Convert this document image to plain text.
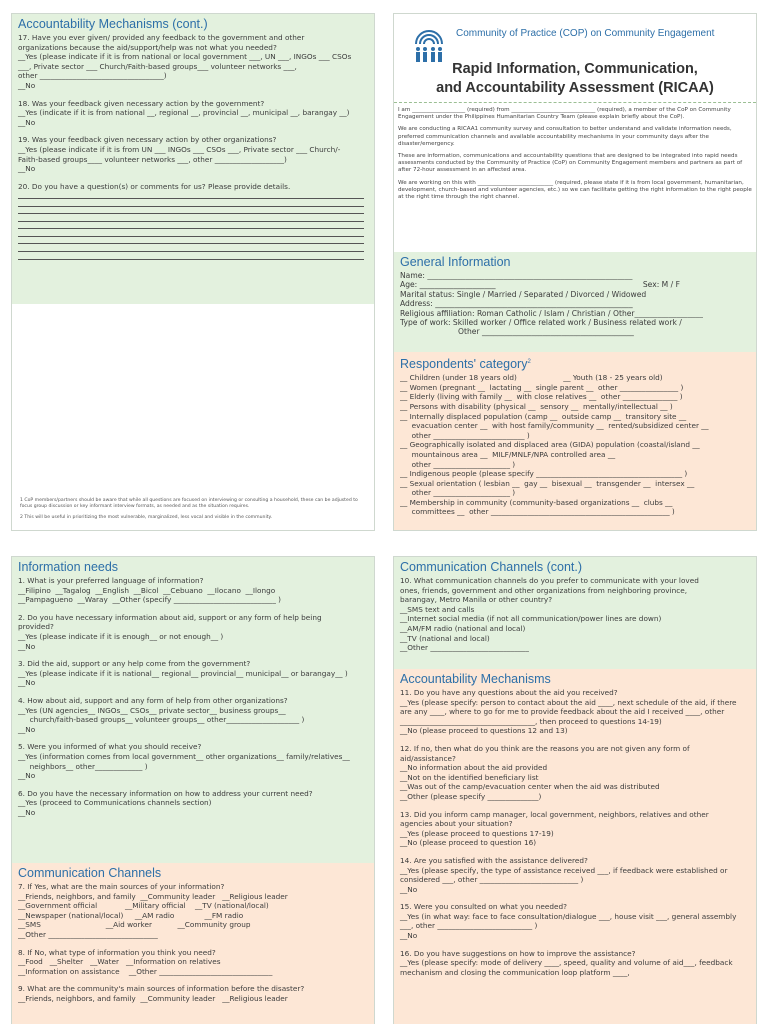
Accountability Mechanisms (cont.)
17. Have you ever given/ provided any feedback to the government and other
organizations because the aid/support/help was not what you needed?
__Yes (please indicate if it is from national or local government ___, UN ___, INGOs ___ CSOs
___, Private sector ___ Church/Faith-based groups___ volunteer networks ___,
other __________________________________)
__No
18. Was your feedback given necessary action by the government?
__Yes (indicate if it is from national __, regional __, provincial __, municipal __, barangay __)
__No
19. Was your feedback given necessary action by other organizations?
__Yes (please indicate if it is from UN ___ INGOs ___ CSOs ___, Private sector ___ Church/-
Faith-based groups____ volunteer networks ___, other ___________________)
__No
20. Do you have a question(s) or comments for us? Please provide details.
1 CoP members/partners should be aware that while all questions are focused on interviewing or consulting a household, these can be adjusted to focus group discussion or key informant interview formats, as needed and as the situation requires.
2 This will be useful in prioritizing the most vulnerable, marginalized, less vocal and visible in the community.
Community of Practice (COP) on Community Engagement
Rapid Information, Communication,
and Accountability Assessment (RICAA)

I am ___________________ (required) from ______________________________ (required), a member of the CoP on Community Engagement under the Philippines Humanitarian Country Team (please explain briefly about the CoP).

We are conducting a RICAA1 community survey and consultation to better understand and validate information needs, preferred communication channels and available accountability mechanisms in your community days after the disaster/emergency.

These are information, communications and accountability questions that are designed to be integrated into rapid needs assessments conducted by the Community of Practice (CoP) on Community Engagement members and partners as part of after 72-hour assessment in an affected area.

We are working on this with ___________________________ (required, please state if it is from local government, humanitarian, development, church-based and volunteer agencies, etc.) so we can facilitate getting the right information to the right people at the right time through the right channel.

General Information
Name: ______________________________________________________
Age: ____________________	Sex: M / F
Marital status: Single / Married / Separated / Divorced / Widowed
Address: ____________________________________________________
Religious affiliation: Roman Catholic / Islam / Christian / Other__________________
Type of work: Skilled worker / Office related work / Business related work /
Other ________________________________________
Respondents' category$^2$
__ Children (under 18 years old)                    __ Youth (18 - 25 years old)
__ Women (pregnant __  lactating __  single parent __  other ________________ )
__ Elderly (living with family __  with close relatives __  other _______________ )
__ Persons with disability (physical __  sensory __  mentally/intellectual __ )
__ Internally displaced population (camp __  outside camp __  transitory site __
evacuation center __  with host family/community __  rented/subsidized center __
other _________________________ )
__ Geographically isolated and displaced area (GIDA) population (coastal/island __
mountainous area __  MILF/MNLF/NPA controlled area __
other _____________________ )
__ Indigenous people (please specify ________________________________________ )
__ Sexual orientation ( lesbian __  gay __  bisexual __  transgender __  intersex __
other _____________________ )
__ Membership in community (community-based organizations __  clubs __
committees __  other _________________________________________________ )
Information needs
1. What is your preferred language of information?
__Filipino  __Tagalog  __English  __Bicol  __Cebuano  __Ilocano  __Ilongo
__Pampagueno  __Waray  __Other (specify ____________________________ )
2. Do you have necessary information about aid, support or any form of help being
provided?
__Yes (please indicate if it is enough__ or not enough__ )
__No
3. Did the aid, support or any help come from the government?
__Yes (please indicate if it is national__ regional__ provincial__ municipal__ or barangay__ )
__No
4. How about aid, support and any form of help from other organizations?
__Yes (UN agencies__ INGOs__ CSOs__ private sector__ business groups__
church/faith-based groups__ volunteer groups__ other____________________ )
__No
5. Were you informed of what you should receive?
__Yes (information comes from local government__ other organizations__ family/relatives__
neighbors__ other_____________ )
__No
6. Do you have the necessary information on how to address your current need?
__Yes (proceed to Communications channels section)
__No
Communication Channels
7. If Yes, what are the main sources of your information?
__Friends, neighbors, and family  __Community leader   __Religious leader
__Government official            __Military official    __TV (national/local)
__Newspaper (national/local)     __AM radio             __FM radio
__SMS                            __Aid worker           __Community group
__Other ______________________________
8. If No, what type of information you think you need?
__Food   __Shelter   __Water   __Information on relatives
__Information on assistance    __Other _______________________________
9. What are the community's main sources of information before the disaster?
__Friends, neighbors, and family  __Community leader   __Religious leader
Communication Channels (cont.)
10. What communication channels do you prefer to communicate with your loved
ones, friends, government and other organizations from neighboring province,
barangay, Metro Manila or other country?
__SMS text and calls
__Internet social media (if not all communication/power lines are down)
__AM/FM radio (national and local)
__TV (national and local)
__Other ___________________________
Accountability Mechanisms
11. Do you have any questions about the aid you received?
__Yes (please specify: person to contact about the aid ____, next schedule of the aid, if there
are any ____, where to go for me to provide feedback about the aid I received ____, other
_____________________________________, then proceed to questions 14-19)
__No (please proceed to questions 12 and 13)
12. If no, then what do you think are the reasons you are not given any form of
aid/assistance?
__No information about the aid provided
__Not on the identified beneficiary list
__Was out of the camp/evacuation center when the aid was distributed
__Other (please specify ______________)
13. Did you inform camp manager, local government, neighbors, relatives and other
agencies about your situation?
__Yes (please proceed to questions 17-19)
__No (please proceed to question 16)
14. Are you satisfied with the assistance delivered?
__Yes (please specify, the type of assistance received ___, if feedback were established or
considered ___, other ___________________________ )
__No
15. Were you consulted on what you needed?
__Yes (in what way: face to face consultation/dialogue ___, house visit ___, general assembly
___, other __________________________ )
__No
16. Do you have suggestions on how to improve the assistance?
__Yes (please specify: mode of delivery ____, speed, quality and volume of aid___, feedback
mechanism and closing the communication loop platform ____,
